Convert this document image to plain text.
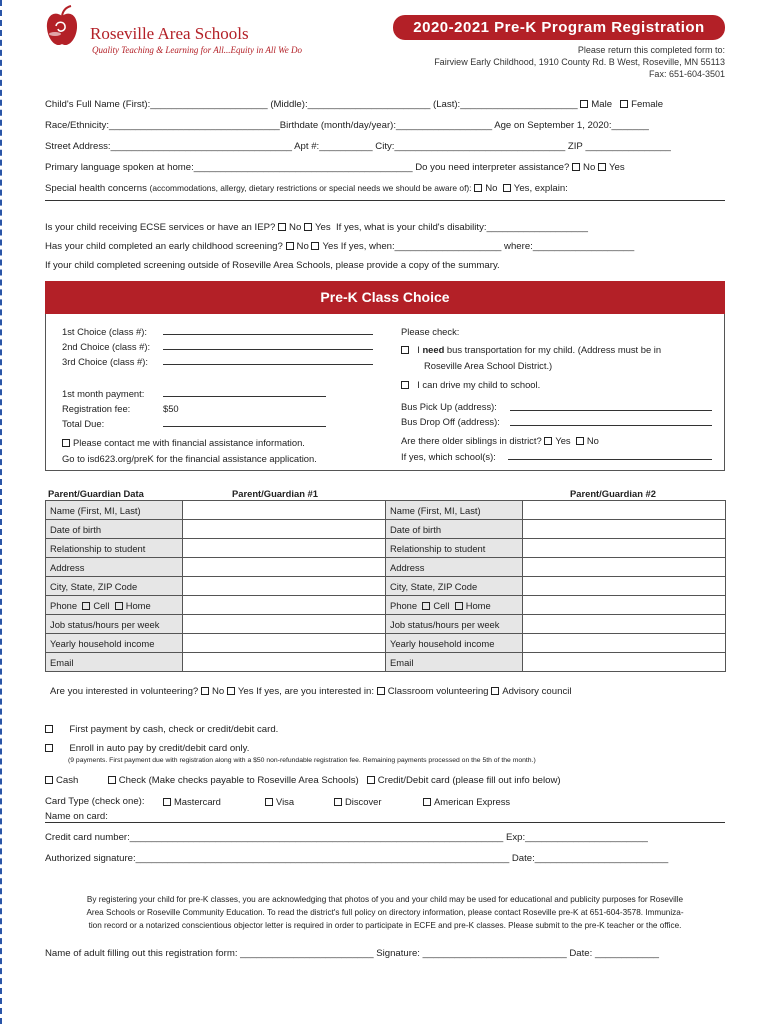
Roseville Area Schools
Quality Teaching & Learning for All...Equity in All We Do
2020-2021 Pre-K Program Registration
Please return this completed form to:
Fairview Early Childhood, 1910 County Rd. B West, Roseville, MN 55113
Fax: 651-604-3501
Child's Full Name (First):______________________ (Middle):_______________________ (Last):______________________ Male Female
Race/Ethnicity:________________________________Birthdate (month/day/year):__________________ Age on September 1, 2020:_______
Street Address:__________________________________ Apt #:__________ City:________________________________ ZIP ________________
Primary language spoken at home:_________________________________________ Do you need interpreter assistance? No Yes
Special health concerns (accommodations, allergy, dietary restrictions or special needs we should be aware of): No Yes, explain:
Is your child receiving ECSE services or have an IEP? No Yes If yes, what is your child's disability:___________________
Has your child completed an early childhood screening? No Yes If yes, when:____________________ where:___________________
If your child completed screening outside of Roseville Area Schools, please provide a copy of the summary.
Pre-K Class Choice
1st Choice (class #):
2nd Choice (class #):
3rd Choice (class #):
1st month payment:
Registration fee:	$50
Total Due:
Please contact me with financial assistance information.
Go to isd623.org/preK for the financial assistance application.
Please check:
I need bus transportation for my child. (Address must be in
Roseville Area School District.)
I can drive my child to school.
Bus Pick Up (address):
Bus Drop Off (address):
Are there older siblings in district? Yes No
If yes, which school(s):
Parent/Guardian Data	Parent/Guardian #1	Parent/Guardian #2
Name (First, MI, Last)		Name (First, MI, Last)	
Date of birth		Date of birth	
Relationship to student		Relationship to student	
Address		Address	
City, State, ZIP Code		City, State, ZIP Code	
Phone Cell Home		Phone Cell Home	
Job status/hours per week		Job status/hours per week	
Yearly household income		Yearly household income	
Email		Email	
Are you interested in volunteering? No Yes If yes, are you interested in: Classroom volunteering Advisory council
First payment by cash, check or credit/debit card.
Enroll in auto pay by credit/debit card only.
(9 payments. First payment due with registration along with a $50 non-refundable registration fee. Remaining payments processed on the 5th of the month.)
Cash	Check (Make checks payable to Roseville Area Schools) Credit/Debit card (please fill out info below)
Card Type (check one):	Mastercard	Visa	Discover	American Express
Name on card:
Credit card number:______________________________________________________________________ Exp:_______________________
Authorized signature:______________________________________________________________________ Date:_________________________
By registering your child for pre-K classes, you are acknowledging that photos of you and your child may be used for educational and publicity purposes for Roseville
Area Schools or Roseville Community Education. To read the district's full policy on directory information, please contact Roseville pre-K at 651-604-3578. Immuniza-
tion record or a notarized conscientious objector letter is required in order to participate in ECFE and pre-K classes. Please submit to the pre-K teacher or the office.
Name of adult filling out this registration form: _________________________ Signature: ___________________________ Date: ____________
